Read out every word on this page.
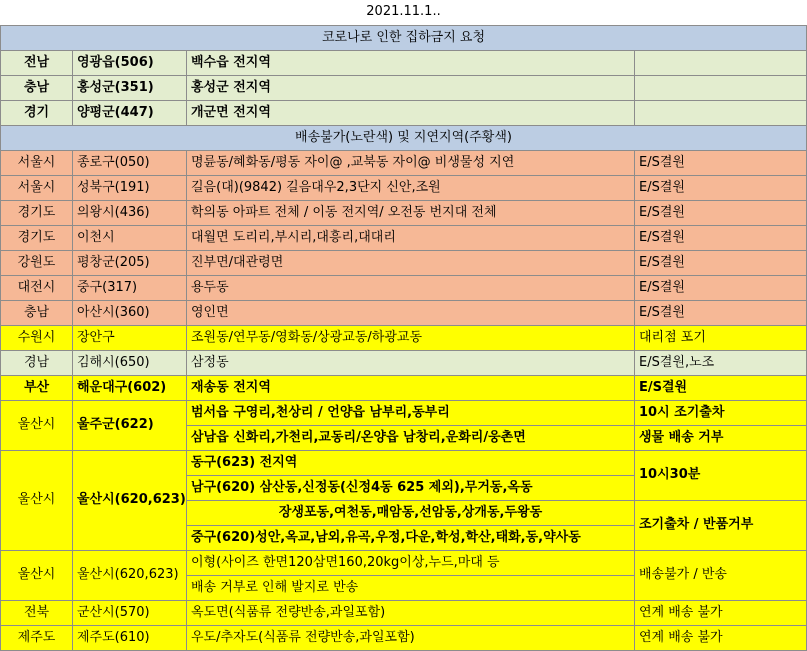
2021.11.1..			
코로나로 인한 집하금지 요청			
전남	영광읍(506)	백수읍 전지역	
충남	홍성군(351)	홍성군 전지역	
경기	양평군(447)	개군면 전지역	
배송불가(노란색) 및 지연지역(주황색)			
서울시	종로구(050)	명륜동/혜화동/평동 자이@ ,교북동 자이@ 비생물성 지연	E/S결원
서울시	성북구(191)	길음(대)(9842) 길음대우2,3단지 신안,조원	E/S결원
경기도	의왕시(436)	학의동 아파트 전체 / 이동 전지역/ 오전동 번지대 전체	E/S결원
경기도	이천시	대월면 도리리,부시리,대흥리,대대리	E/S결원
강원도	평창군(205)	진부면/대관령면	E/S결원
대전시	중구(317)	용두동	E/S결원
충남	아산시(360)	영인면	E/S결원
수원시	장안구	조원동/연무동/영화동/상광교동/하광교동	대리점 포기
경남	김해시(650)	삼정동	E/S결원,노조
부산	해운대구(602)	재송동 전지역	E/S결원
울산시	울주군(622)	범서읍 구영리,천상리 / 언양읍 남부리,동부리	10시 조기출차
		삼남읍 신화리,가천리,교동리/온양읍 남창리,운화리/웅촌면	생물 배송 거부
울산시	울산시(620,623)	동구(623) 전지역	10시30분
		남구(620) 삼산동,신정동(신정4동 625 제외),무거동,옥동	
		장생포동,여천동,매암동,선암동,상개동,두왕동	조기출차 / 반품거부
		중구(620)성안,옥교,남외,유곡,우정,다운,학성,학산,태화,동,약사동	
울산시	울산시(620,623)	이형(사이즈 한면120삼면160,20kg이상,누드,마대 등	배송불가 / 반송
		배송 거부로 인해 발지로 반송	
전북	군산시(570)	옥도면(식품류 전량반송,과일포함)	연계 배송 불가
제주도	제주도(610)	우도/추자도(식품류 전량반송,과일포함)	연계 배송 불가
